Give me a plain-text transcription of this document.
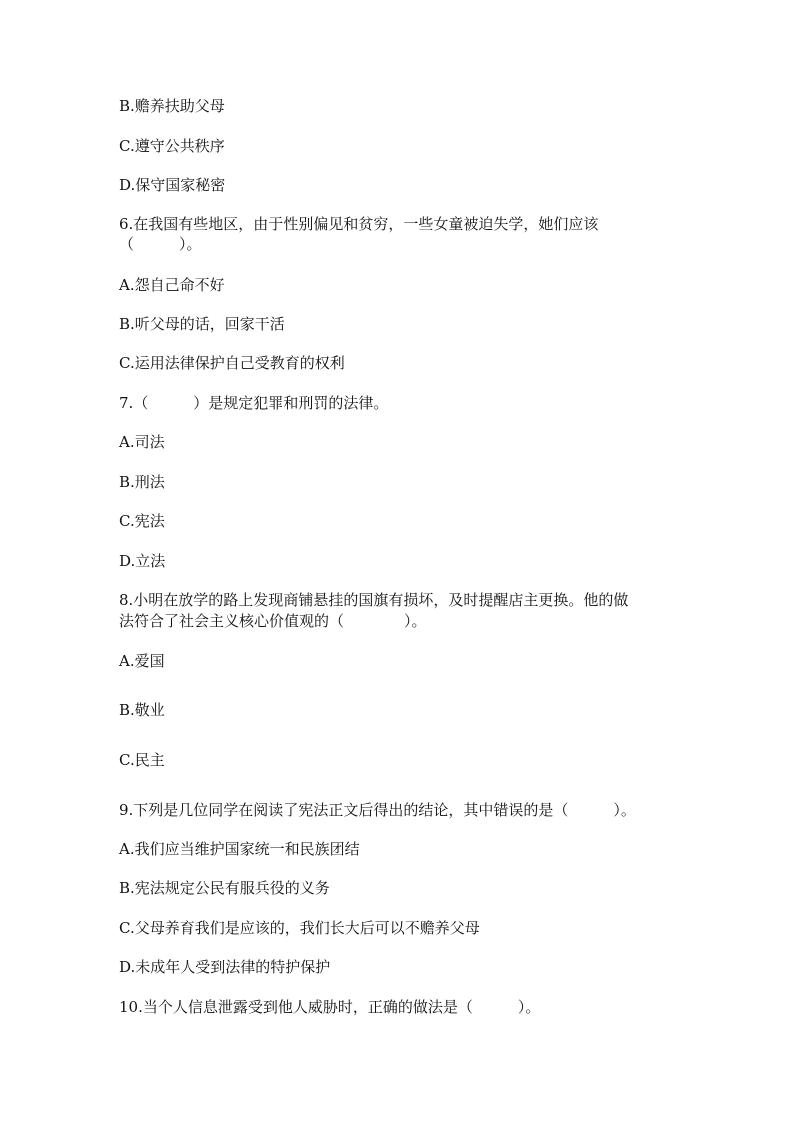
B.赡养扶助父母
C.遵守公共秩序
D.保守国家秘密
6.在我国有些地区，由于性别偏见和贫穷，一些女童被迫失学，她们应该
（　　　）。
A.怨自己命不好
B.听父母的话，回家干活
C.运用法律保护自己受教育的权利
7.（　　　）是规定犯罪和刑罚的法律。
A.司法
B.刑法
C.宪法
D.立法
8.小明在放学的路上发现商铺悬挂的国旗有损坏，及时提醒店主更换。他的做
法符合了社会主义核心价值观的（　　　　）。
A.爱国
B.敬业
C.民主
9.下列是几位同学在阅读了宪法正文后得出的结论，其中错误的是（　　　）。
A.我们应当维护国家统一和民族团结
B.宪法规定公民有服兵役的义务
C.父母养育我们是应该的，我们长大后可以不赡养父母
D.未成年人受到法律的特护保护
10.当个人信息泄露受到他人威胁时，正确的做法是（　　　）。
